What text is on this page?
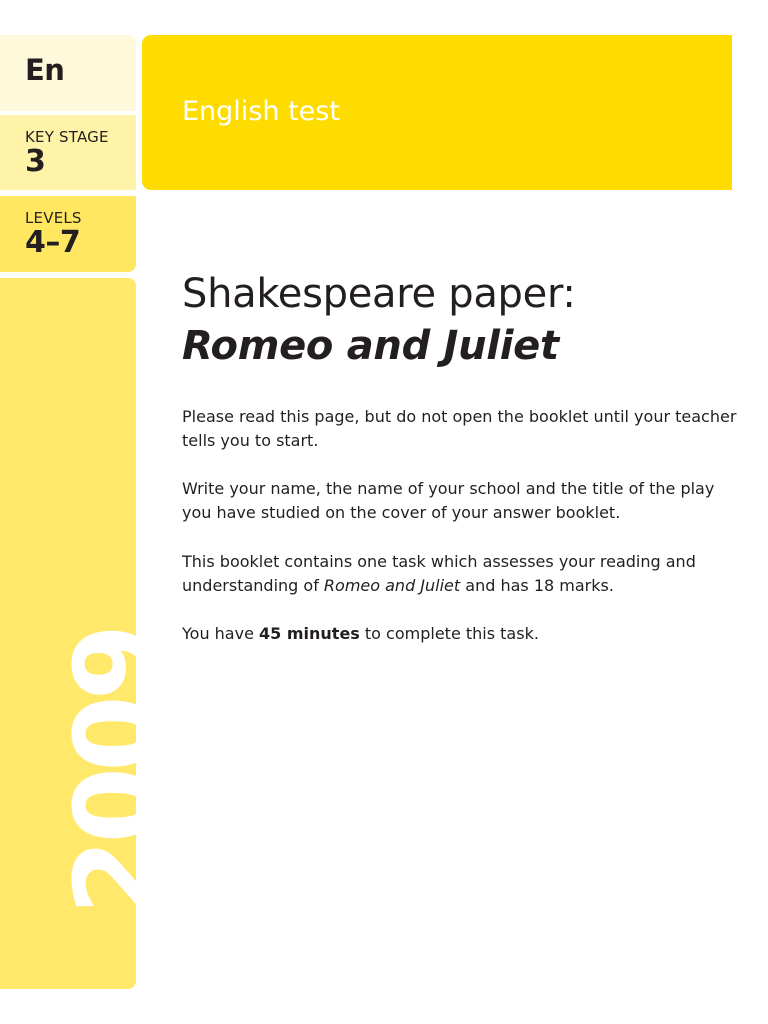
En
KEY STAGE
3
LEVELS
4–7
2009
English test
Shakespeare paper:
Romeo and Juliet

Please read this page, but do not open the booklet until your teacher tells you to start.

Write your name, the name of your school and the title of the play you have studied on the cover of your answer booklet.

This booklet contains one task which assesses your reading and understanding of Romeo and Juliet and has 18 marks.

You have 45 minutes to complete this task.
